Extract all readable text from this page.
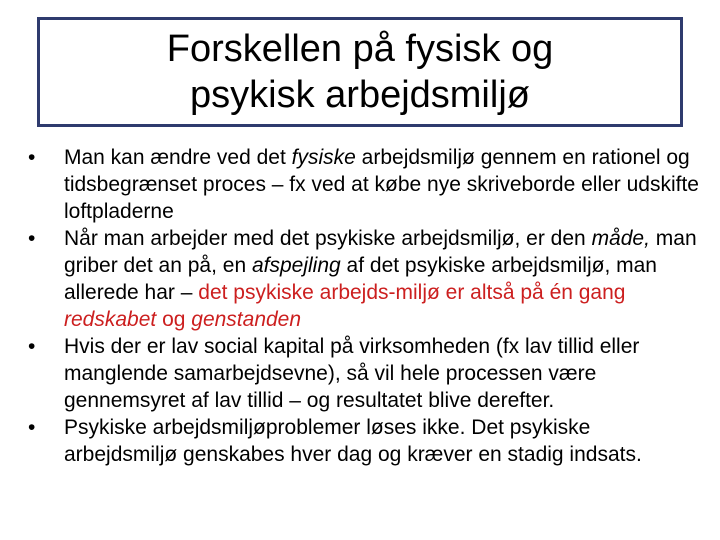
Forskellen på fysisk og psykisk arbejdsmiljø
•	Man kan ændre ved det fysiske arbejdsmiljø gennem en rationel og tidsbegrænset proces – fx ved at købe nye skriveborde eller udskifte loftpladerne
•	Når man arbejder med det psykiske arbejdsmiljø, er den måde, man griber det an på, en afspejling af det psykiske arbejdsmiljø, man allerede har – det psykiske arbejds-miljø er altså på én gang redskabet og genstanden
•	Hvis der er lav social kapital på virksomheden (fx lav tillid eller manglende samarbejdsevne), så vil hele processen være gennemsyret af lav tillid – og resultatet blive derefter.
•	Psykiske arbejdsmiljøproblemer løses ikke. Det psykiske arbejdsmiljø genskabes hver dag og kræver en stadig indsats.
